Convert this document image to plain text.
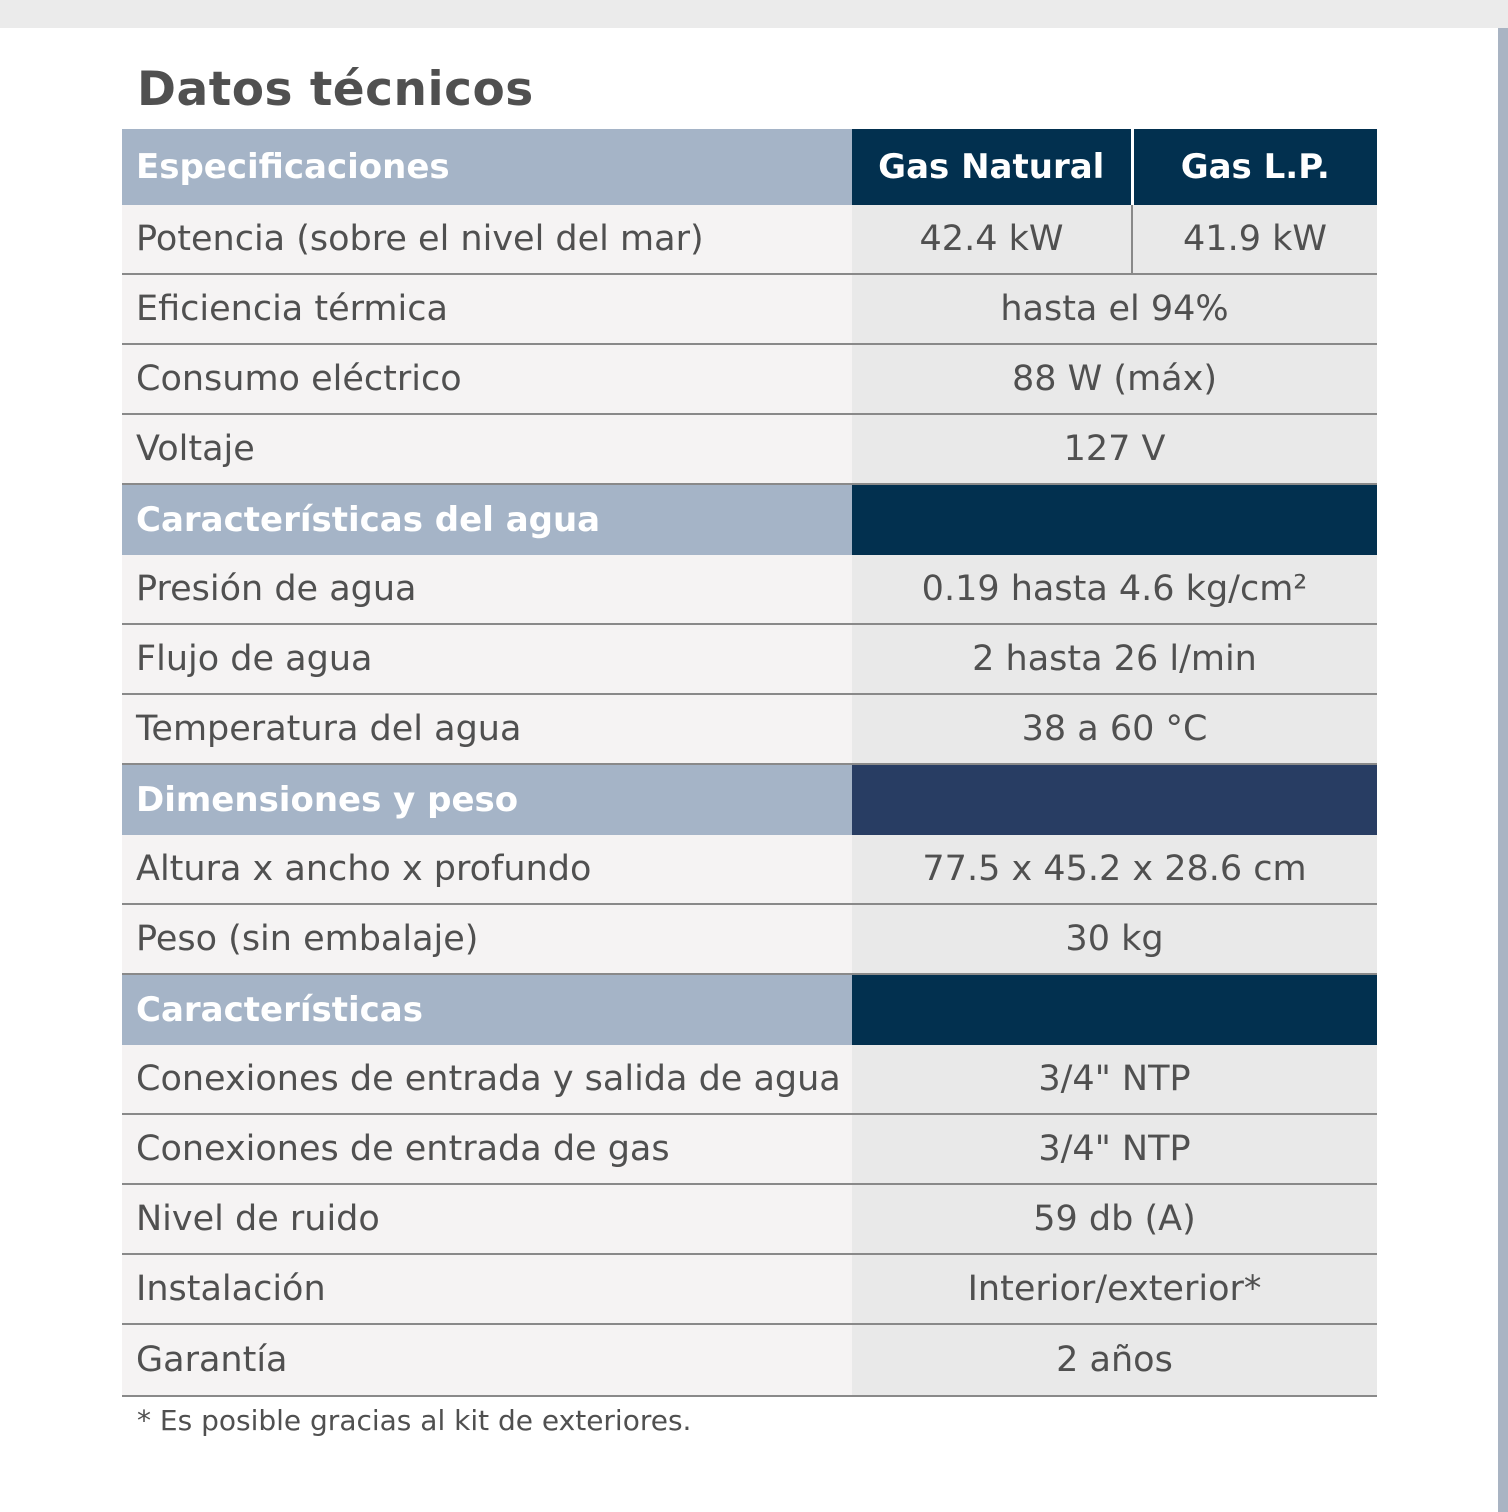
Datos técnicos
Especificaciones	Gas Natural	Gas L.P.
Potencia (sobre el nivel del mar)	42.4 kW	41.9 kW
Eficiencia térmica	hasta el 94%	
Consumo eléctrico	88 W (máx)	
Voltaje	127 V	
Características del agua		
Presión de agua	0.19 hasta 4.6 kg/cm²	
Flujo de agua	2 hasta 26 l/min	
Temperatura del agua	38 a 60 °C	
Dimensiones y peso		
Altura x ancho x profundo	77.5 x 45.2 x 28.6 cm	
Peso (sin embalaje)	30 kg	
Características		
Conexiones de entrada y salida de agua	3/4" NTP	
Conexiones de entrada de gas	3/4" NTP	
Nivel de ruido	59 db (A)	
Instalación	Interior/exterior*	
Garantía	2 años	

* Es posible gracias al kit de exteriores.
